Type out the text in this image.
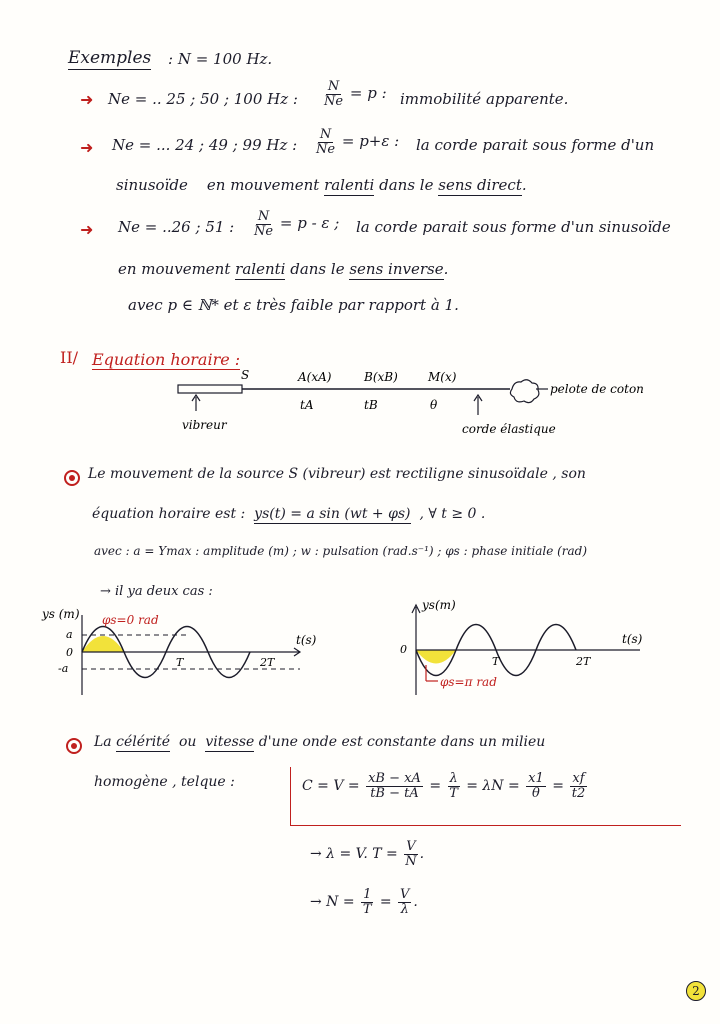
Exemples : N = 100 Hz.
➜ Ne = .. 25 ; 50 ; 100 Hz : $\frac{N}{Ne} = p$ : immobilité apparente.
➜ Ne = ... 24 ; 49 ; 99 Hz : $\frac{N}{Ne} = p+\varepsilon$ : la corde parait sous forme d'un
sinusoïde en mouvement ralenti dans le sens direct.
➜ Ne = ..26 ; 51 : $\frac{N}{Ne} = p - \varepsilon$ ; la corde parait sous forme d'un sinusoïde
en mouvement ralenti dans le sens inverse.
avec p ∈ ℕ* et ε très faible par rapport à 1.
II/ Equation horaire :
S	A(xA)	B(xB)	M(x)
tA	tB	θ
pelote de coton
vibreur	corde élastique
Le mouvement de la source S (vibreur) est rectiligne sinusoïdale , son
équation horaire est : ys(t) = a sin (wt + φs) , ∀ t ≥ 0 .
avec : a = Ymax : amplitude (m) ; w : pulsation (rad.s⁻¹) ; φs : phase initiale (rad)
→ il ya deux cas :
ys (m) φs=0 rad
a
0
-a	T	2T
t(s)
ys(m)
0
T	2T
t(s)
φs=π rad
La célérité ou vitesse d'une onde est constante dans un milieu
homogène , telque :	$C = V = \frac{xB - xA}{tB - tA} = \frac{\lambda}{T} = \lambda N = \frac{x1}{\theta} = \frac{xf}{t2}$
→ λ = V. $T = \frac{V}{N}$ .
→ $N = \frac{1}{T} = \frac{V}{\lambda}$ .
2
